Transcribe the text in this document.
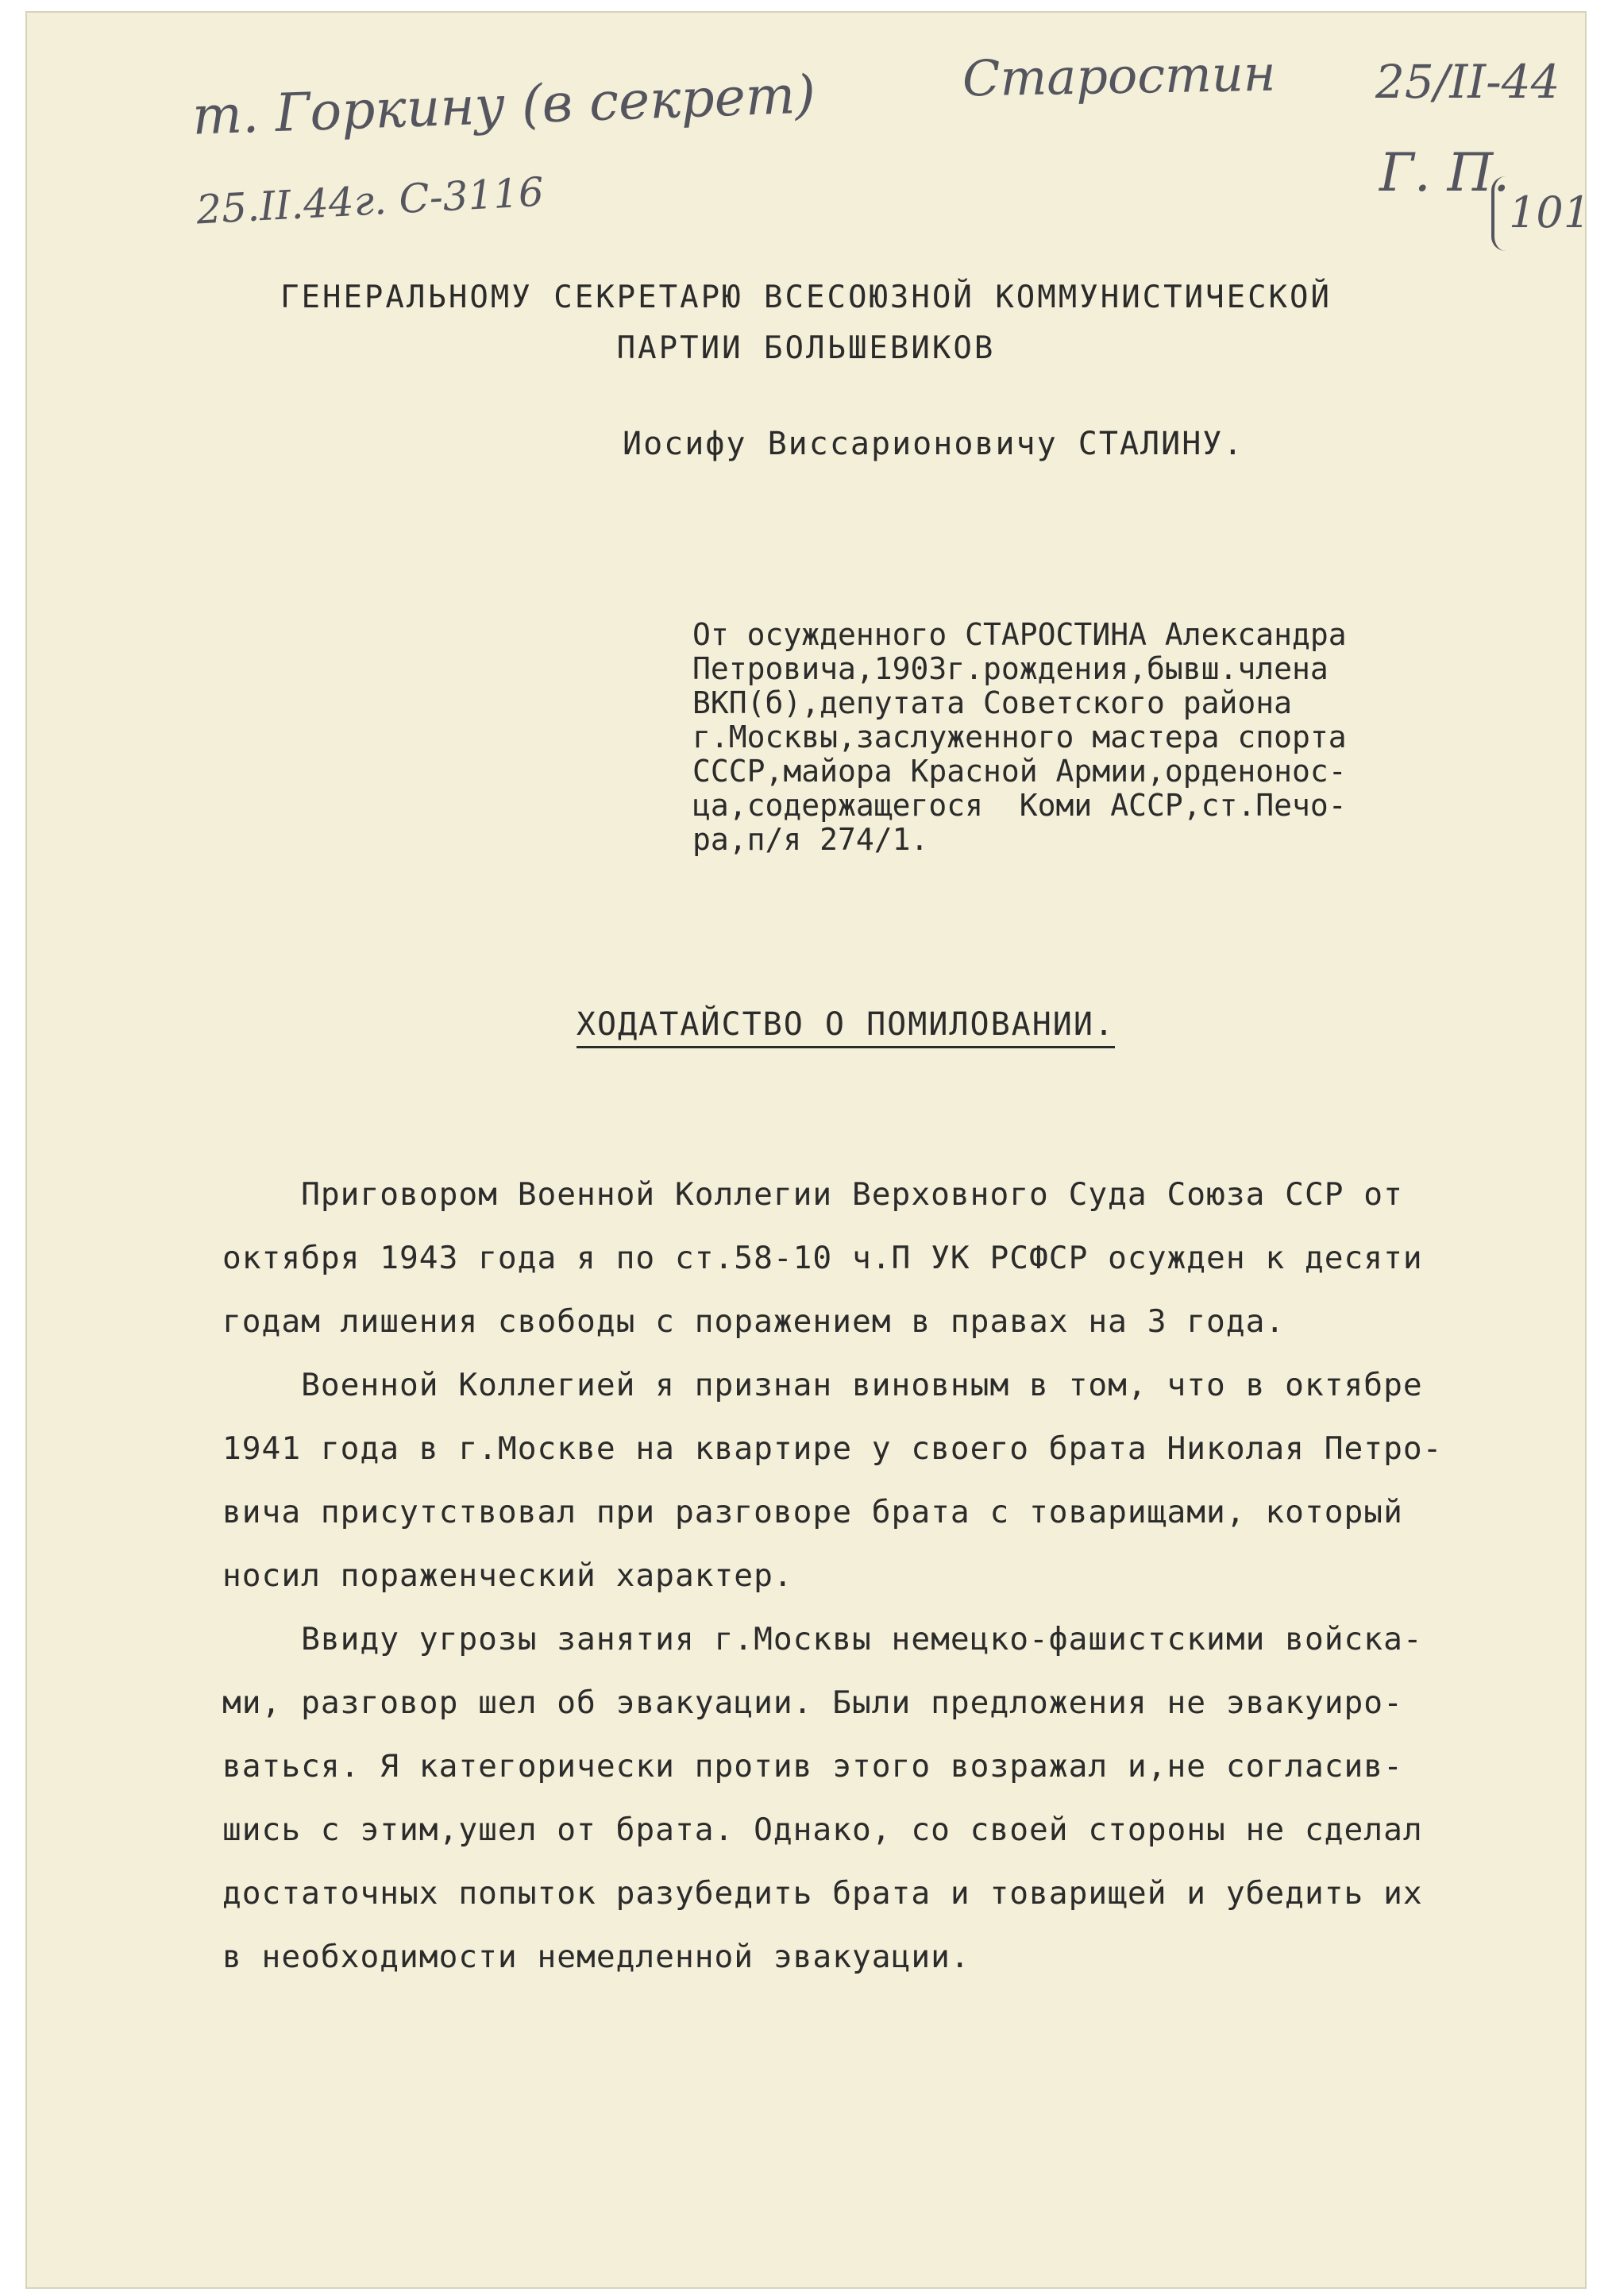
т. Горкину (в секрет)
25.II.44г. С-3116
Старостин 25/II-44
Г. П.
101
ГЕНЕРАЛЬНОМУ СЕКРЕТАРЮ ВСЕСОЮЗНОЙ КОММУНИСТИЧЕСКОЙ
ПАРТИИ БОЛЬШЕВИКОВ
Иосифу Виссарионовичу СТАЛИНУ.
От осужденного СТАРОСТИНА Александра
Петровича,1903г.рождения,бывш.члена
ВКП(б),депутата Советского района
г.Москвы,заслуженного мастера спорта
СССР,майора Красной Армии,орденонос-
ца,содержащегося  Коми АССР,ст.Печо-
ра,п/я 274/1.
ХОДАТАЙСТВО О ПОМИЛОВАНИИ.
Приговором Военной Коллегии Верховного Суда Союза ССР от
октября 1943 года я по ст.58-10 ч.П УК РСФСР осужден к десяти
годам лишения свободы с поражением в правах на 3 года.
Военной Коллегией я признан виновным в том, что в октябре
1941 года в г.Москве на квартире у своего брата Николая Петро-
вича присутствовал при разговоре брата с товарищами, который
носил пораженческий характер.
Ввиду угрозы занятия г.Москвы немецко-фашистскими войска-
ми, разговор шел об эвакуации. Были предложения не эвакуиро-
ваться. Я категорически против этого возражал и,не согласив-
шись с этим,ушел от брата. Однако, со своей стороны не сделал
достаточных попыток разубедить брата и товарищей и убедить их
в необходимости немедленной эвакуации.
